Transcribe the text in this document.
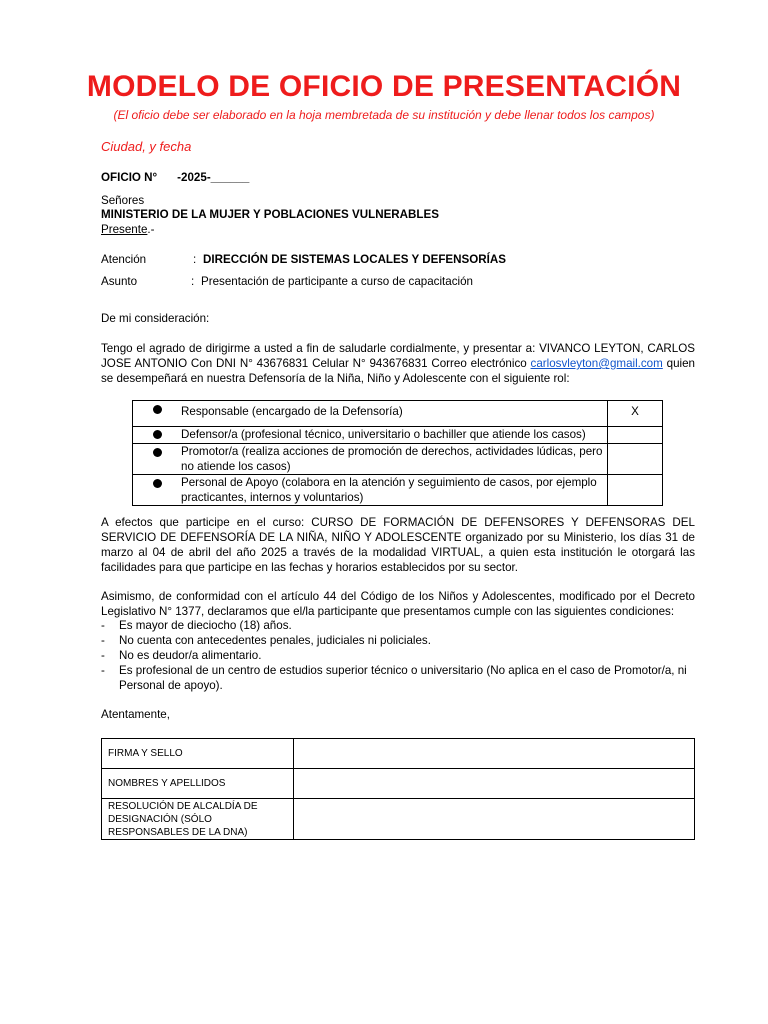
MODELO DE OFICIO DE PRESENTACIÓN
(El oficio debe ser elaborado en la hoja membretada de su institución y debe llenar todos los campos)
Ciudad, y fecha
OFICIO N° -2025-______
Señores
MINISTERIO DE LA MUJER Y POBLACIONES VULNERABLES
Presente.-
Atención	: DIRECCIÓN DE SISTEMAS LOCALES Y DEFENSORÍAS
Asunto	: Presentación de participante a curso de capacitación
De mi consideración:
Tengo el agrado de dirigirme a usted a fin de saludarle cordialmente, y presentar a: VIVANCO LEYTON, CARLOS
JOSE ANTONIO Con DNI N° 43676831 Celular N° 943676831 Correo electrónico carlosvleyton@gmail.com quien
se desempeñará en nuestra Defensoría de la Niña, Niño y Adolescente con el siguiente rol:
	Responsable (encargado de la Defensoría)	X
	Defensor/a (profesional técnico, universitario o bachiller que atiende los casos)	
	Promotor/a (realiza acciones de promoción de derechos, actividades lúdicas, pero no atiende los casos)	
	Personal de Apoyo (colabora en la atención y seguimiento de casos, por ejemplo practicantes, internos y voluntarios)	
A efectos que participe en el curso: CURSO DE FORMACIÓN DE DEFENSORES Y DEFENSORAS DEL SERVICIO DE DEFENSORÍA DE LA NIÑA, NIÑO Y ADOLESCENTE organizado por su Ministerio, los días 31 de marzo al 04 de abril del año 2025 a través de la modalidad VIRTUAL, a quien esta institución le otorgará las facilidades para que participe en las fechas y horarios establecidos por su sector.
Asimismo, de conformidad con el artículo 44 del Código de los Niños y Adolescentes, modificado por el Decreto Legislativo N° 1377, declaramos que el/la participante que presentamos cumple con las siguientes condiciones:
- Es mayor de dieciocho (18) años.
- No cuenta con antecedentes penales, judiciales ni policiales.
- No es deudor/a alimentario.
- Es profesional de un centro de estudios superior técnico o universitario (No aplica en el caso de Promotor/a, ni Personal de apoyo).
Atentamente,
FIRMA Y SELLO	
NOMBRES Y APELLIDOS	
RESOLUCIÓN DE ALCALDÍA DE DESIGNACIÓN (SÓLO RESPONSABLES DE LA DNA)	
